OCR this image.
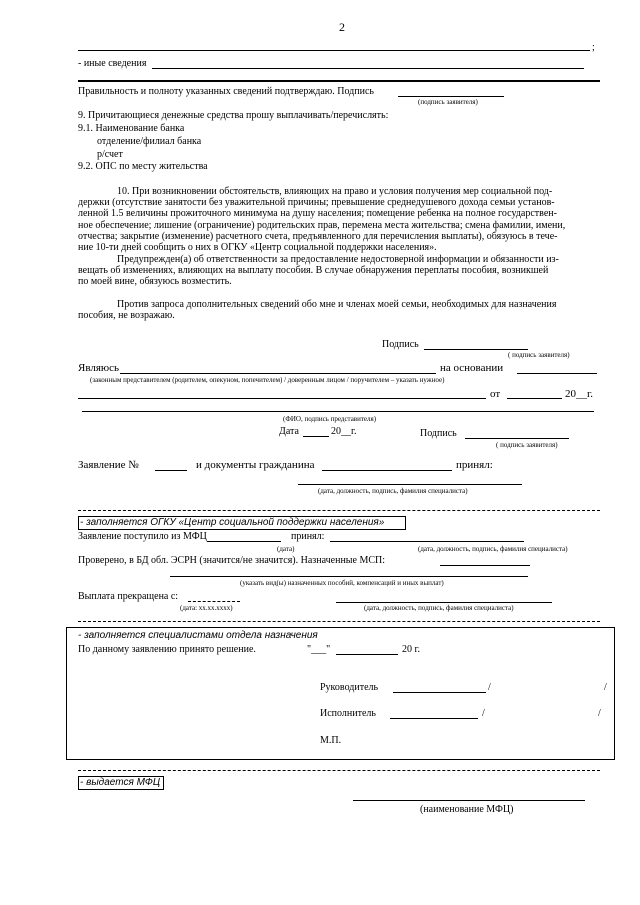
2
;
- иные сведения
Правильность и полноту указанных сведений подтверждаю. Подпись
(подпись заявителя)
9. Причитающиеся денежные средства прошу выплачивать/перечислять:
9.1. Наименование банка
отделение/филиал банка
р/счет
9.2. ОПС по месту жительства
10. При возникновении обстоятельств, влияющих на право и условия получения мер социальной под-
держки (отсутствие занятости без уважительной причины; превышение среднедушевого дохода семьи установ-
ленной 1.5 величины прожиточного минимума на душу населения; помещение ребенка на полное государствен-
ное обеспечение; лишение (ограничение) родительских прав, перемена места жительства; смена фамилии, имени,
отчества; закрытие (изменение) расчетного счета, предъявленного для перечисления выплаты), обязуюсь в тече-
ние 10-ти дней сообщить о них в ОГКУ «Центр социальной поддержки населения».
Предупрежден(а) об ответственности за предоставление недостоверной информации и обязанности из-
вещать об изменениях, влияющих на выплату пособия. В случае обнаружения переплаты пособия, возникшей
по моей вине, обязуюсь возместить.
Против запроса дополнительных сведений обо мне и членах моей семьи, необходимых для назначения
пособия, не возражаю.
Подпись
( подпись заявителя)
Являюсь	на основании
(законным представителем (родителем, опекуном, попечителем) / доверенным лицом / поручителем – указать нужное)
от	20__г.
(ФИО, подпись представителя)
Дата	20__г.	Подпись
( подпись заявителя)
Заявление №	и документы гражданина	принял:
(дата, должность, подпись, фамилия специалиста)
- заполняется ОГКУ «Центр социальной поддержки населения»
Заявление поступило из МФЦ	принял:
(дата)	(дата, должность, подпись, фамилия специалиста)
Проверено, в БД обл. ЭСРН (значится/не значится). Назначенные МСП:
(указать вид(ы) назначенных пособий, компенсаций и иных выплат)
Выплата прекращена с:
(дата: хх.хх.хххх)	(дата, должность, подпись, фамилия специалиста)
- заполняется специалистами отдела назначения
По данному заявлению принято решение.	"___"	20 г.
Руководитель	/	/
Исполнитель	/	/
М.П.
- выдается МФЦ
(наименование МФЦ)
